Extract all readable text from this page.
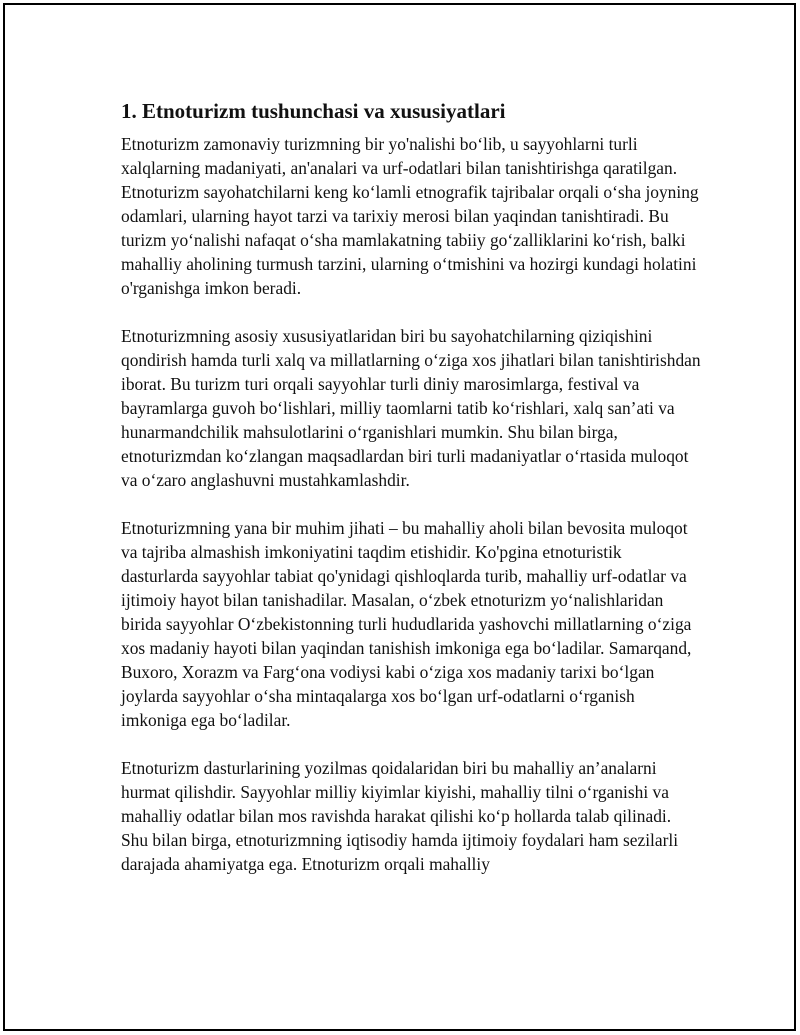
1. Etnoturizm tushunchasi va xususiyatlari

Etnoturizm zamonaviy turizmning bir yo'nalishi bo‘lib, u sayyohlarni turli xalqlarning madaniyati, an'analari va urf-odatlari bilan tanishtirishga qaratilgan. Etnoturizm sayohatchilarni keng ko‘lamli etnografik tajribalar orqali o‘sha joyning odamlari, ularning hayot tarzi va tarixiy merosi bilan yaqindan tanishtiradi. Bu turizm yo‘nalishi nafaqat o‘sha mamlakatning tabiiy go‘zalliklarini ko‘rish, balki mahalliy aholining turmush tarzini, ularning o‘tmishini va hozirgi kundagi holatini o'rganishga imkon beradi.

Etnoturizmning asosiy xususiyatlaridan biri bu sayohatchilarning qiziqishini qondirish hamda turli xalq va millatlarning o‘ziga xos jihatlari bilan tanishtirishdan iborat. Bu turizm turi orqali sayyohlar turli diniy marosimlarga, festival va bayramlarga guvoh bo‘lishlari, milliy taomlarni tatib ko‘rishlari, xalq san’ati va hunarmandchilik mahsulotlarini o‘rganishlari mumkin. Shu bilan birga, etnoturizmdan ko‘zlangan maqsadlardan biri turli madaniyatlar o‘rtasida muloqot va o‘zaro anglashuvni mustahkamlashdir.

Etnoturizmning yana bir muhim jihati – bu mahalliy aholi bilan bevosita muloqot va tajriba almashish imkoniyatini taqdim etishidir. Ko'pgina etnoturistik dasturlarda sayyohlar tabiat qo'ynidagi qishloqlarda turib, mahalliy urf-odatlar va ijtimoiy hayot bilan tanishadilar. Masalan, o‘zbek etnoturizm yo‘nalishlaridan birida sayyohlar O‘zbekistonning turli hududlarida yashovchi millatlarning o‘ziga xos madaniy hayoti bilan yaqindan tanishish imkoniga ega bo‘ladilar. Samarqand, Buxoro, Xorazm va Farg‘ona vodiysi kabi o‘ziga xos madaniy tarixi bo‘lgan joylarda sayyohlar o‘sha mintaqalarga xos bo‘lgan urf-odatlarni o‘rganish imkoniga ega bo‘ladilar.

Etnoturizm dasturlarining yozilmas qoidalaridan biri bu mahalliy an’analarni hurmat qilishdir. Sayyohlar milliy kiyimlar kiyishi, mahalliy tilni o‘rganishi va mahalliy odatlar bilan mos ravishda harakat qilishi ko‘p hollarda talab qilinadi. Shu bilan birga, etnoturizmning iqtisodiy hamda ijtimoiy foydalari ham sezilarli darajada ahamiyatga ega. Etnoturizm orqali mahalliy
